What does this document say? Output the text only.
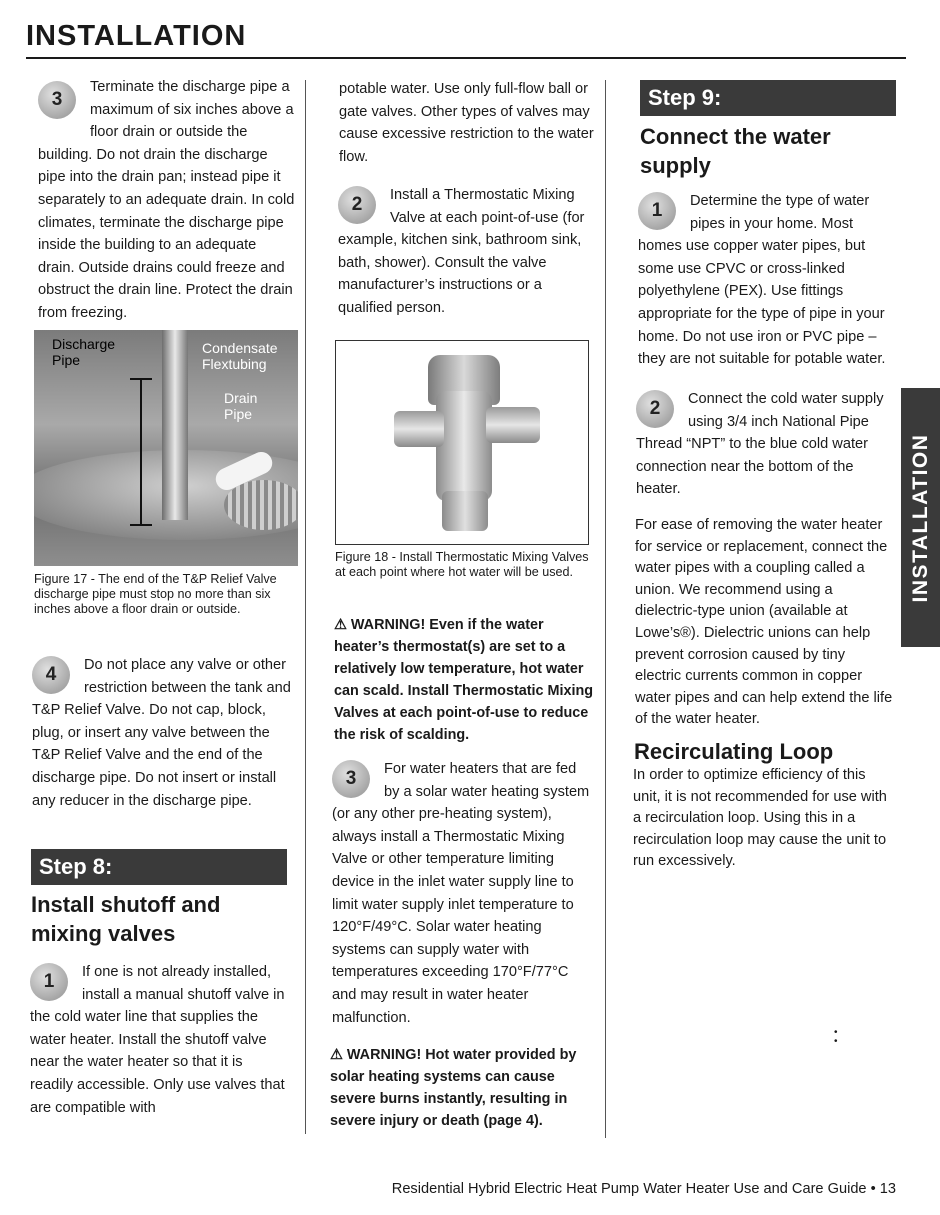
INSTALLATION
3

Terminate the discharge pipe a maximum of six inches above a floor drain or outside the building. Do not drain the discharge pipe into the drain pan; instead pipe it separately to an adequate drain. In cold climates, terminate the discharge pipe inside the building to an adequate drain. Outside drains could freeze and obstruct the drain line. Protect the drain from freezing.

Discharge Pipe
Condensate Flextubing
Drain Pipe
Figure 17 - The end of the T&P Relief Valve discharge pipe must stop no more than six inches above a floor drain or outside.
4	Do not place any valve or other restriction between the tank and T&P Relief Valve. Do not cap, block, plug, or insert any valve between the T&P Relief Valve and the end of the discharge pipe. Do not insert or install any reducer in the discharge pipe.

Step 8:
Install shutoff and mixing valves
1	If one is not already installed, install a manual shutoff valve in the cold water line that supplies the water heater. Install the shutoff valve near the water heater so that it is readily accessible. Only use valves that are compatible with

potable water. Use only full-flow ball or gate valves. Other types of valves may cause excessive restriction to the water flow.

2	Install a Thermostatic Mixing Valve at each point-of-use (for example, kitchen sink, bathroom sink, bath, shower). Consult the valve manufacturer’s instructions or a qualified person.

Figure 18 - Install Thermostatic Mixing Valves at each point where hot water will be used.
⚠ WARNING! Even if the water heater’s thermostat(s) are set to a relatively low temperature, hot water can scald. Install Thermostatic Mixing Valves at each point-of-use to reduce the risk of scalding.
3	For water heaters that are fed by a solar water heating system (or any other pre-heating system), always install a Thermostatic Mixing Valve or other temperature limiting device in the inlet water supply line to limit water supply inlet temperature to 120°F/49°C. Solar water heating systems can supply water with temperatures exceeding 170°F/77°C and may result in water heater malfunction.

⚠ WARNING! Hot water provided by solar heating systems can cause severe burns instantly, resulting in severe injury or death (page 4).
Step 9:
Connect the water supply
1	Determine the type of water pipes in your home. Most homes use copper water pipes, but some use CPVC or cross-linked polyethylene (PEX). Use fittings appropriate for the type of pipe in your home. Do not use iron or PVC pipe – they are not suitable for potable water.

2	Connect the cold water supply using 3/4 inch National Pipe Thread “NPT” to the blue cold water connection near the bottom of the heater.

For ease of removing the water heater for service or replacement, connect the water pipes with a coupling called a union. We recommend using a dielectric-type union (available at Lowe’s®). Dielectric unions can help prevent corrosion caused by tiny electric currents common in copper water pipes and can help extend the life of the water heater.

Recirculating Loop

In order to optimize efficiency of this unit, it is not recommended for use with a recirculation loop. Using this in a recirculation loop may cause the unit to run excessively.

INSTALLATION
•
•
Residential Hybrid Electric Heat Pump Water Heater Use and Care Guide • 13
